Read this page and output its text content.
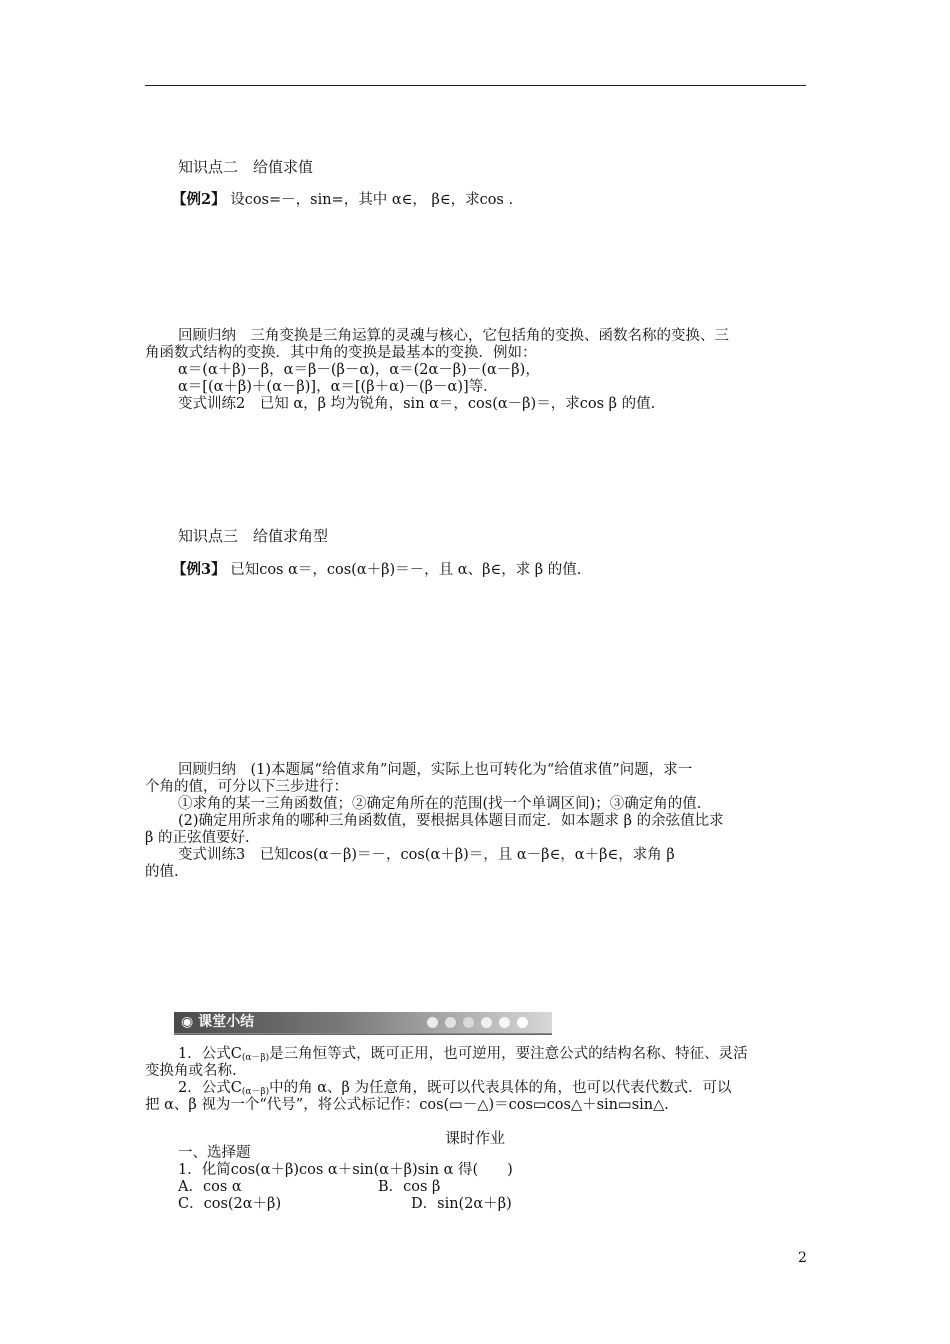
知识点二　给值求值
【例2】 设cos=－，sin=，其中 α∈， β∈，求cos .
回顾归纳　三角变换是三角运算的灵魂与核心，它包括角的变换、函数名称的变换、三
角函数式结构的变换．其中角的变换是最基本的变换．例如：
α＝(α＋β)－β，α＝β－(β－α)，α＝(2α－β)－(α－β)，
α＝[(α＋β)＋(α－β)]，α＝[(β＋α)－(β－α)]等．
变式训练2　已知 α，β 均为锐角，sin α＝，cos(α－β)＝，求cos β 的值.
知识点三　给值求角型
【例3】 已知cos α＝，cos(α＋β)＝－，且 α、β∈，求 β 的值.
回顾归纳　(1)本题属“给值求角”问题，实际上也可转化为“给值求值”问题，求一
个角的值，可分以下三步进行：
①求角的某一三角函数值；②确定角所在的范围(找一个单调区间)；③确定角的值.
(2)确定用所求角的哪种三角函数值，要根据具体题目而定．如本题求 β 的余弦值比求
β 的正弦值要好.
变式训练3　已知cos(α－β)＝－，cos(α＋β)＝，且 α－β∈，α＋β∈，求角 β
的值.
◉ 课堂小结
1．公式$C_{(\alpha-\beta)}$是三角恒等式，既可正用，也可逆用，要注意公式的结构名称、特征、灵活
变换角或名称.
2．公式$C_{(\alpha-\beta)}$中的角 α、β 为任意角，既可以代表具体的角，也可以代表代数式．可以
把 α、β 视为一个“代号”，将公式标记作：cos(▭－△)＝cos▭cos△＋sin▭sin△.
课时作业
一、选择题
1．化简cos(α＋β)cos α＋sin(α＋β)sin α 得(　　)
A．cos α	B．cos β
C．cos(2α＋β)	D．sin(2α＋β)
2
